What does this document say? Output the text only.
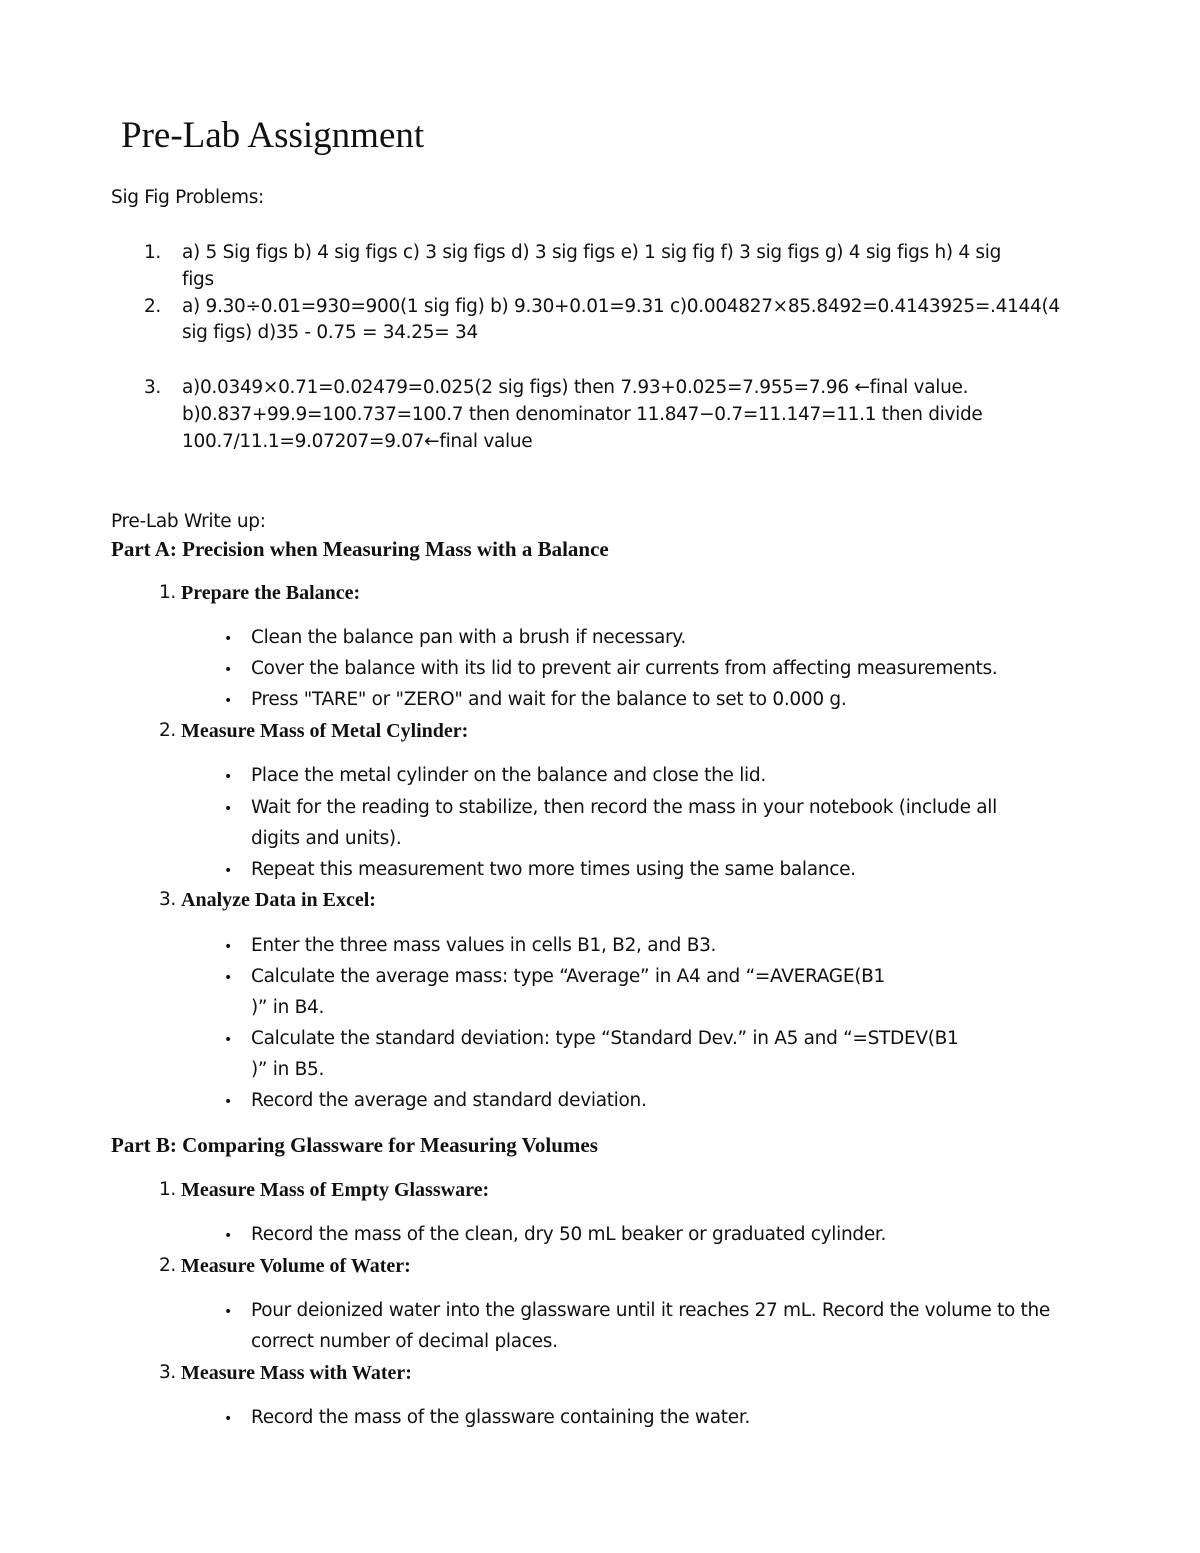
Pre-Lab Assignment
Sig Fig Problems:
1. a) 5 Sig figs b) 4 sig figs c) 3 sig figs d) 3 sig figs e) 1 sig fig f) 3 sig figs g) 4 sig figs h) 4 sig
figs
2. a) 9.30÷0.01=930=900(1 sig fig) b) 9.30+0.01=9.31 c)0.004827×85.8492=0.4143925=.4144(4
sig figs) d)35 - 0.75 = 34.25= 34
3. a)0.0349×0.71=0.02479=0.025(2 sig figs) then 7.93+0.025=7.955=7.96 ←final value.
b)0.837+99.9=100.737=100.7 then denominator 11.847−0.7=11.147=11.1 then divide
100.7/11.1=9.07207=9.07←final value
Pre-Lab Write up:
Part A: Precision when Measuring Mass with a Balance
1. Prepare the Balance:
• Clean the balance pan with a brush if necessary.
• Cover the balance with its lid to prevent air currents from affecting measurements.
• Press "TARE" or "ZERO" and wait for the balance to set to 0.000 g.
2. Measure Mass of Metal Cylinder:
• Place the metal cylinder on the balance and close the lid.
• Wait for the reading to stabilize, then record the mass in your notebook (include all
digits and units).
• Repeat this measurement two more times using the same balance.
3. Analyze Data in Excel:
• Enter the three mass values in cells B1, B2, and B3.
• Calculate the average mass: type “Average” in A4 and “=AVERAGE(B1
)” in B4.
• Calculate the standard deviation: type “Standard Dev.” in A5 and “=STDEV(B1
)” in B5.
• Record the average and standard deviation.
Part B: Comparing Glassware for Measuring Volumes
1. Measure Mass of Empty Glassware:
• Record the mass of the clean, dry 50 mL beaker or graduated cylinder.
2. Measure Volume of Water:
• Pour deionized water into the glassware until it reaches 27 mL. Record the volume to the
correct number of decimal places.
3. Measure Mass with Water:
• Record the mass of the glassware containing the water.
